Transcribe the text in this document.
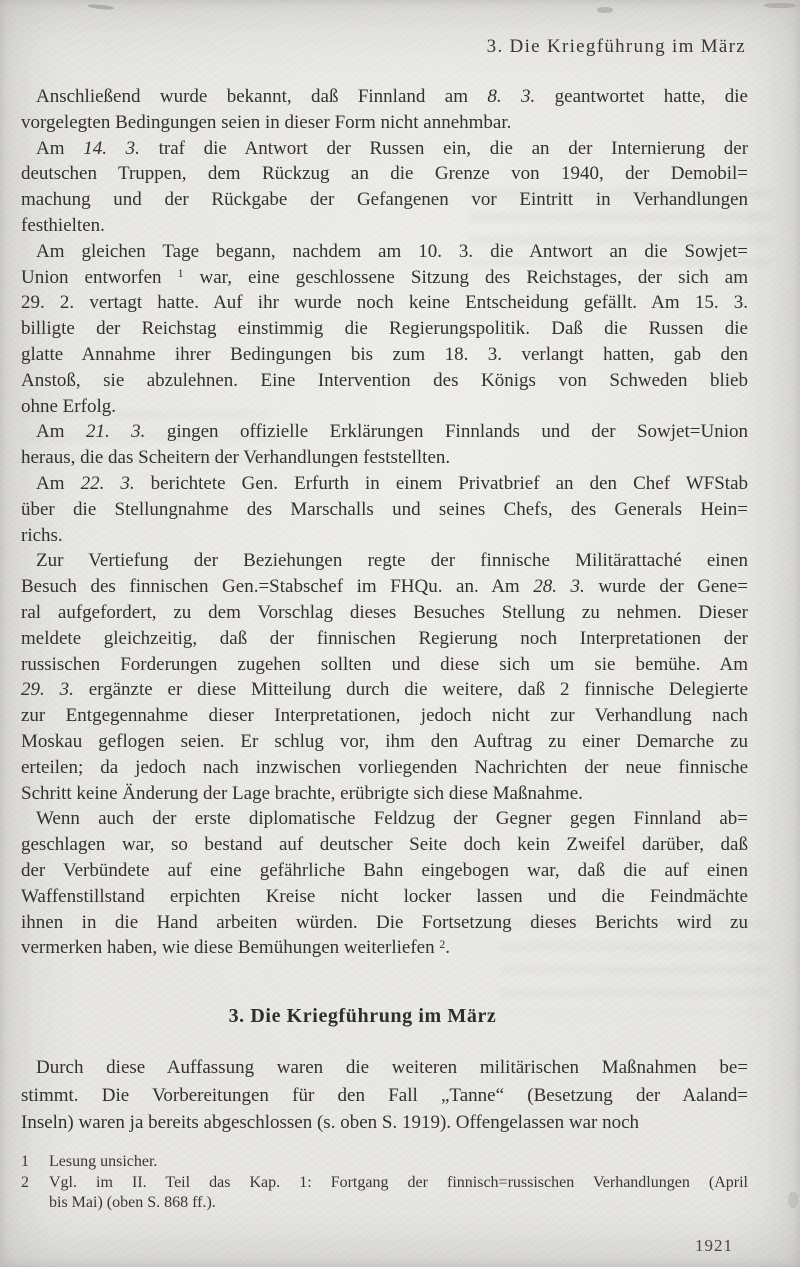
3. Die Kriegführung im März
Anschließend wurde bekannt, daß Finnland am 8. 3. geantwortet hatte, die
vorgelegten Bedingungen seien in dieser Form nicht annehmbar.
Am 14. 3. traf die Antwort der Russen ein, die an der Internierung der
deutschen Truppen, dem Rückzug an die Grenze von 1940, der Demobil=
machung und der Rückgabe der Gefangenen vor Eintritt in Verhandlungen
festhielten.
Am gleichen Tage begann, nachdem am 10. 3. die Antwort an die Sowjet=
Union entworfen $^1$ war, eine geschlossene Sitzung des Reichstages, der sich am
29. 2. vertagt hatte. Auf ihr wurde noch keine Entscheidung gefällt. Am 15. 3.
billigte der Reichstag einstimmig die Regierungspolitik. Daß die Russen die
glatte Annahme ihrer Bedingungen bis zum 18. 3. verlangt hatten, gab den
Anstoß, sie abzulehnen. Eine Intervention des Königs von Schweden blieb
ohne Erfolg.
Am 21. 3. gingen offizielle Erklärungen Finnlands und der Sowjet=Union
heraus, die das Scheitern der Verhandlungen feststellten.
Am 22. 3. berichtete Gen. Erfurth in einem Privatbrief an den Chef WFStab
über die Stellungnahme des Marschalls und seines Chefs, des Generals Hein=
richs.
Zur Vertiefung der Beziehungen regte der finnische Militärattaché einen
Besuch des finnischen Gen.=Stabschef im FHQu. an. Am 28. 3. wurde der Gene=
ral aufgefordert, zu dem Vorschlag dieses Besuches Stellung zu nehmen. Dieser
meldete gleichzeitig, daß der finnischen Regierung noch Interpretationen der
russischen Forderungen zugehen sollten und diese sich um sie bemühe. Am
29. 3. ergänzte er diese Mitteilung durch die weitere, daß 2 finnische Delegierte
zur Entgegennahme dieser Interpretationen, jedoch nicht zur Verhandlung nach
Moskau geflogen seien. Er schlug vor, ihm den Auftrag zu einer Demarche zu
erteilen; da jedoch nach inzwischen vorliegenden Nachrichten der neue finnische
Schritt keine Änderung der Lage brachte, erübrigte sich diese Maßnahme.
Wenn auch der erste diplomatische Feldzug der Gegner gegen Finnland ab=
geschlagen war, so bestand auf deutscher Seite doch kein Zweifel darüber, daß
der Verbündete auf eine gefährliche Bahn eingebogen war, daß die auf einen
Waffenstillstand erpichten Kreise nicht locker lassen und die Feindmächte
ihnen in die Hand arbeiten würden. Die Fortsetzung dieses Berichts wird zu
vermerken haben, wie diese Bemühungen weiterliefen $^2$.
3. Die Kriegführung im März
Durch diese Auffassung waren die weiteren militärischen Maßnahmen be=
stimmt. Die Vorbereitungen für den Fall „Tanne“ (Besetzung der Aaland=
Inseln) waren ja bereits abgeschlossen (s. oben S. 1919). Offengelassen war noch
1	Lesung unsicher.
2	Vgl. im II. Teil das Kap. 1: Fortgang der finnisch=russischen Verhandlungen (April
bis Mai) (oben S. 868 ff.).
1921
